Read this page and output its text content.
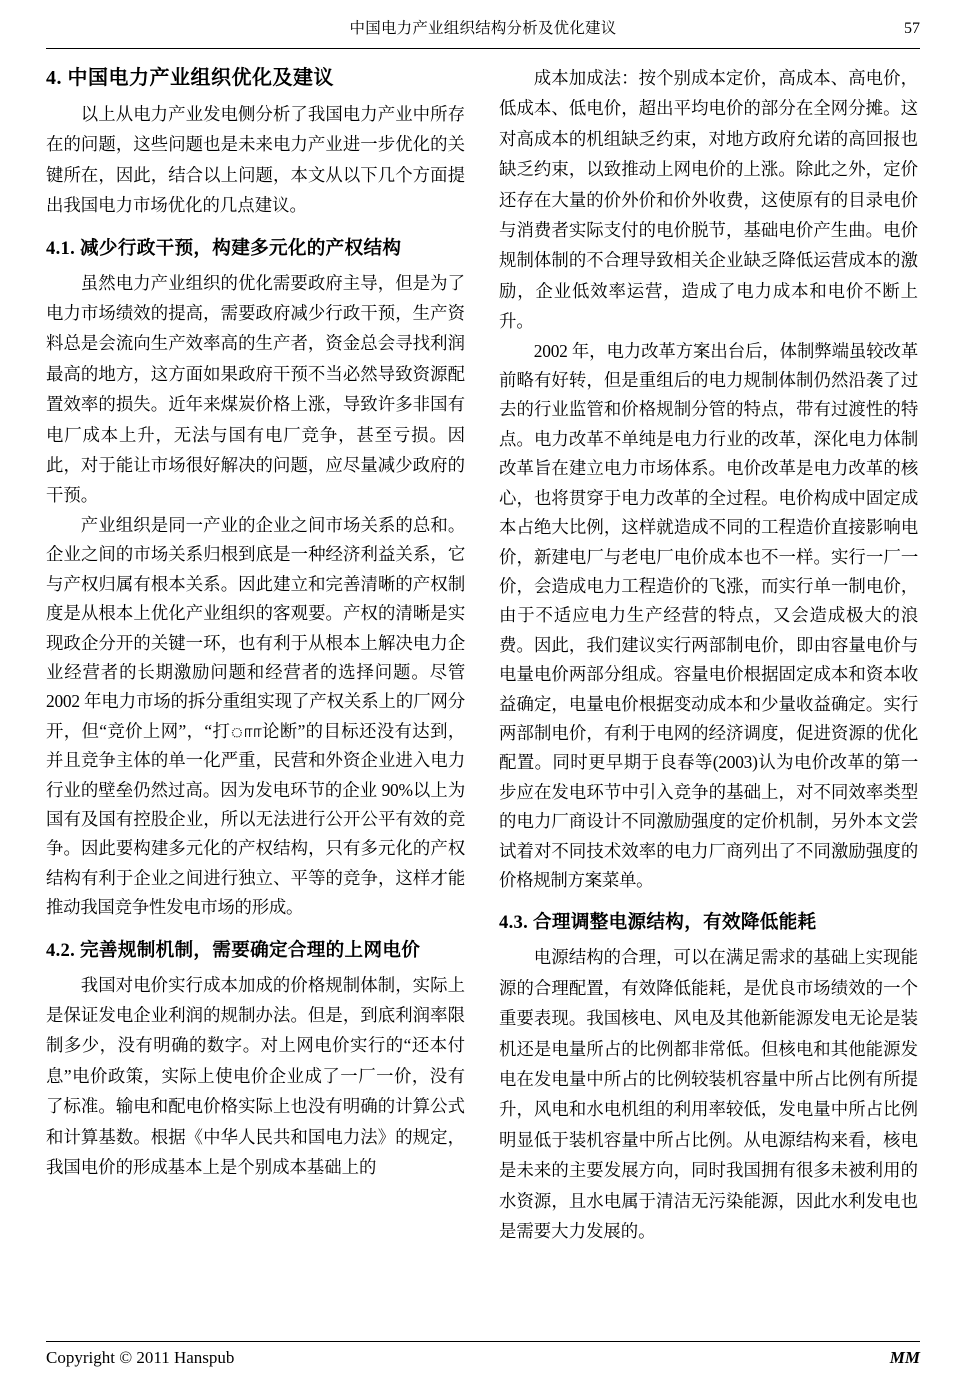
中国电力产业组织结构分析及优化建议	57
4. 中国电力产业组织优化及建议

以上从电力产业发电侧分析了我国电力产业中所存在的问题，这些问题也是未来电力产业进一步优化的关键所在，因此，结合以上问题，本文从以下几个方面提出我国电力市场优化的几点建议。

4.1. 减少行政干预，构建多元化的产权结构

虽然电力产业组织的优化需要政府主导，但是为了电力市场绩效的提高，需要政府减少行政干预，生产资料总是会流向生产效率高的生产者，资金总会寻找利润最高的地方，这方面如果政府干预不当必然导致资源配置效率的损失。近年来煤炭价格上涨，导致许多非国有电厂成本上升，无法与国有电厂竞争，甚至亏损。因此，对于能让市场很好解决的问题，应尽量减少政府的干预。

产业组织是同一产业的企业之间市场关系的总和。企业之间的市场关系归根到底是一种经济利益关系，它与产权归属有根本关系。因此建立和完善清晰的产权制度是从根本上优化产业组织的客观要。产权的清晰是实现政企分开的关键一环，也有利于从根本上解决电力企业经营者的长期激励问题和经营者的选择问题。尽管 2002 年电力市场的拆分重组实现了产权关系上的厂网分开，但“竞价上网”，“打ாா论断”的目标还没有达到，并且竞争主体的单一化严重，民营和外资企业进入电力行业的壁垒仍然过高。因为发电环节的企业 90%以上为国有及国有控股企业，所以无法进行公开公平有效的竞争。因此要构建多元化的产权结构，只有多元化的产权结构有利于企业之间进行独立、平等的竞争，这样才能推动我国竞争性发电市场的形成。

4.2. 完善规制机制，需要确定合理的上网电价

我国对电价实行成本加成的价格规制体制，实际上是保证发电企业利润的规制办法。但是，到底利润率限制多少，没有明确的数字。对上网电价实行的“还本付息”电价政策，实际上使电价企业成了一厂一价，没有了标准。输电和配电价格实际上也没有明确的计算公式和计算基数。根据《中华人民共和国电力法》的规定，我国电价的形成基本上是个别成本基础上的

成本加成法：按个别成本定价，高成本、高电价，低成本、低电价，超出平均电价的部分在全网分摊。这对高成本的机组缺乏约束，对地方政府允诺的高回报也缺乏约束，以致推动上网电价的上涨。除此之外，定价还存在大量的价外价和价外收费，这使原有的目录电价与消费者实际支付的电价脱节，基础电价产生曲。电价规制体制的不合理导致相关企业缺乏降低运营成本的激励，企业低效率运营，造成了电力成本和电价不断上升。

2002 年，电力改革方案出台后，体制弊端虽较改革前略有好转，但是重组后的电力规制体制仍然沿袭了过去的行业监管和价格规制分管的特点，带有过渡性的特点。电力改革不单纯是电力行业的改革，深化电力体制改革旨在建立电力市场体系。电价改革是电力改革的核心，也将贯穿于电力改革的全过程。电价构成中固定成本占绝大比例，这样就造成不同的工程造价直接影响电价，新建电厂与老电厂电价成本也不一样。实行一厂一价，会造成电力工程造价的飞涨，而实行单一制电价，由于不适应电力生产经营的特点，又会造成极大的浪费。因此，我们建议实行两部制电价，即由容量电价与电量电价两部分组成。容量电价根据固定成本和资本收益确定，电量电价根据变动成本和少量收益确定。实行两部制电价，有利于电网的经济调度，促进资源的优化配置。同时更早期于良春等(2003)认为电价改革的第一步应在发电环节中引入竞争的基础上，对不同效率类型的电力厂商设计不同激励强度的定价机制，另外本文尝试着对不同技术效率的电力厂商列出了不同激励强度的价格规制方案菜单。

4.3. 合理调整电源结构，有效降低能耗

电源结构的合理，可以在满足需求的基础上实现能源的合理配置，有效降低能耗，是优良市场绩效的一个重要表现。我国核电、风电及其他新能源发电无论是装机还是电量所占的比例都非常低。但核电和其他能源发电在发电量中所占的比例较装机容量中所占比例有所提升，风电和水电机组的利用率较低，发电量中所占比例明显低于装机容量中所占比例。从电源结构来看，核电是未来的主要发展方向，同时我国拥有很多未被利用的水资源，且水电属于清洁无污染能源，因此水利发电也是需要大力发展的。

Copyright © 2011 Hanspub	MM
